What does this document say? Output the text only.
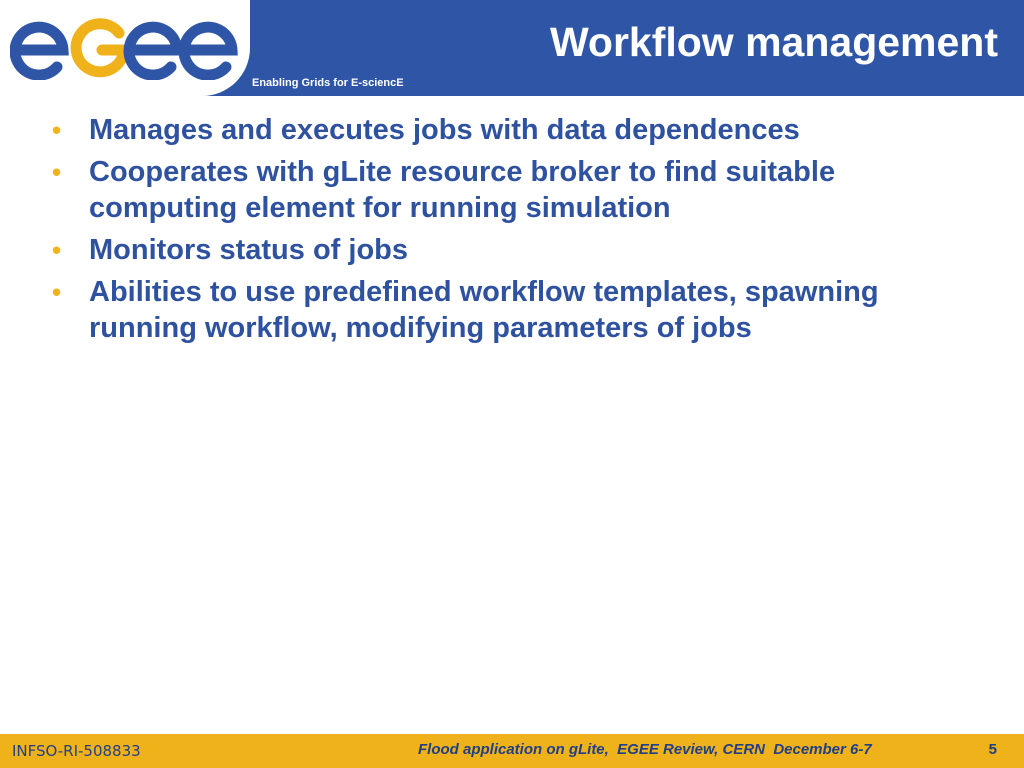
Enabling Grids for E-sciencE
Workflow management
• Manages and executes jobs with data dependences
• Cooperates with gLite resource broker to find suitable computing element for running simulation
• Monitors status of jobs
• Abilities to use predefined workflow templates, spawning running workflow, modifying parameters of jobs
INFSO-RI-508833	Flood application on gLite,  EGEE Review, CERN  December 6-7	5
